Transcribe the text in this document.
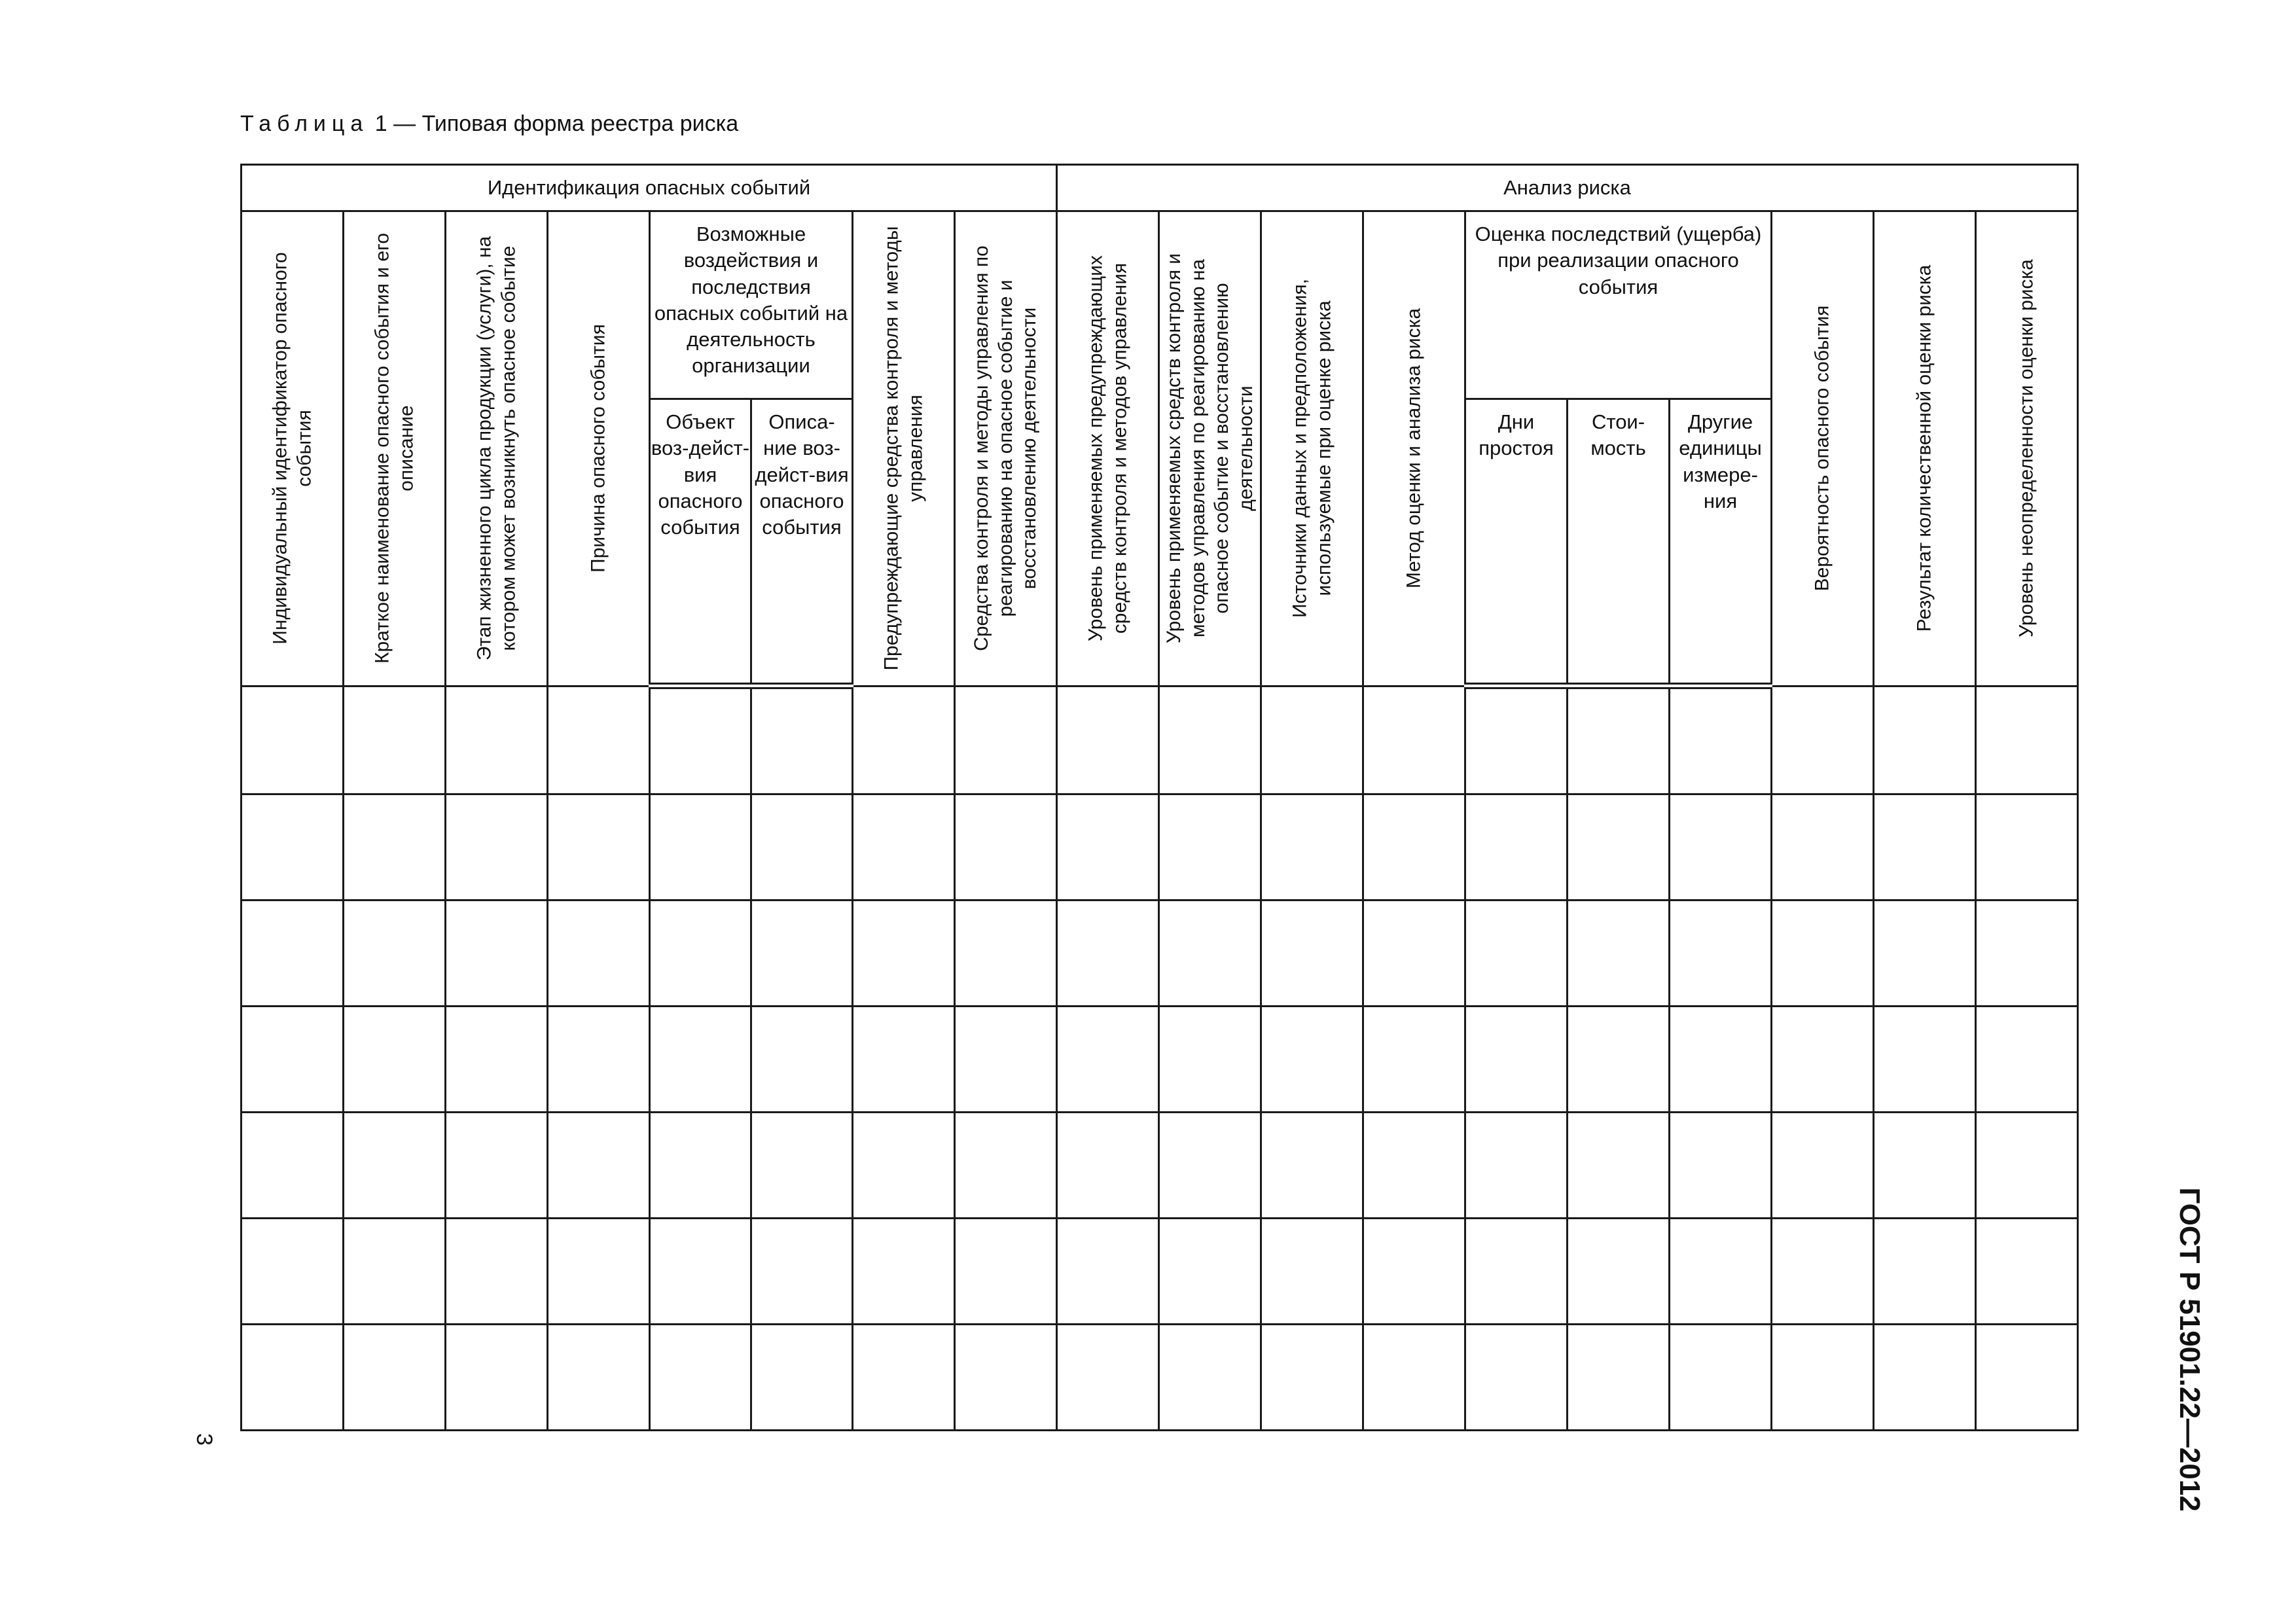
Таблица 1 — Типовая форма реестра риска
Идентификация опасных событий								Анализ риска									

Индивидуальный идентификатор опасного события	Краткое наименование опасного события и его описание	Этап жизненного цикла продукции (услуги), на котором может возникнуть опасное событие	Причина опасного события	Возможные воздействия и последствия опасных событий на деятельность организации		Предупреждающие средства контроля и методы управления	Средства контроля и методы управления по реагированию на опасное событие и восстановлению деятельности	Уровень применяемых предупреждающих средств контроля и методов управления	Уровень применяемых средств контроля и методов управления по реагированию на опасное событие и восстановлению деятельности	Источники данных и предположения, используемые при оценке риска	Метод оценки и анализа риска	Оценка последствий (ущерба) при реализации опасного события			Вероятность опасного события	Результат количественной оценки риска	Уровень неопределенности оценки риска

				Объект воз-дейст-вия опасного события	Описа-ние воз-дейст-вия опасного события							Дни простоя	Стои-мость	Другие единицы измере-ния			

3	ГОСТ Р 51901.22—2012
